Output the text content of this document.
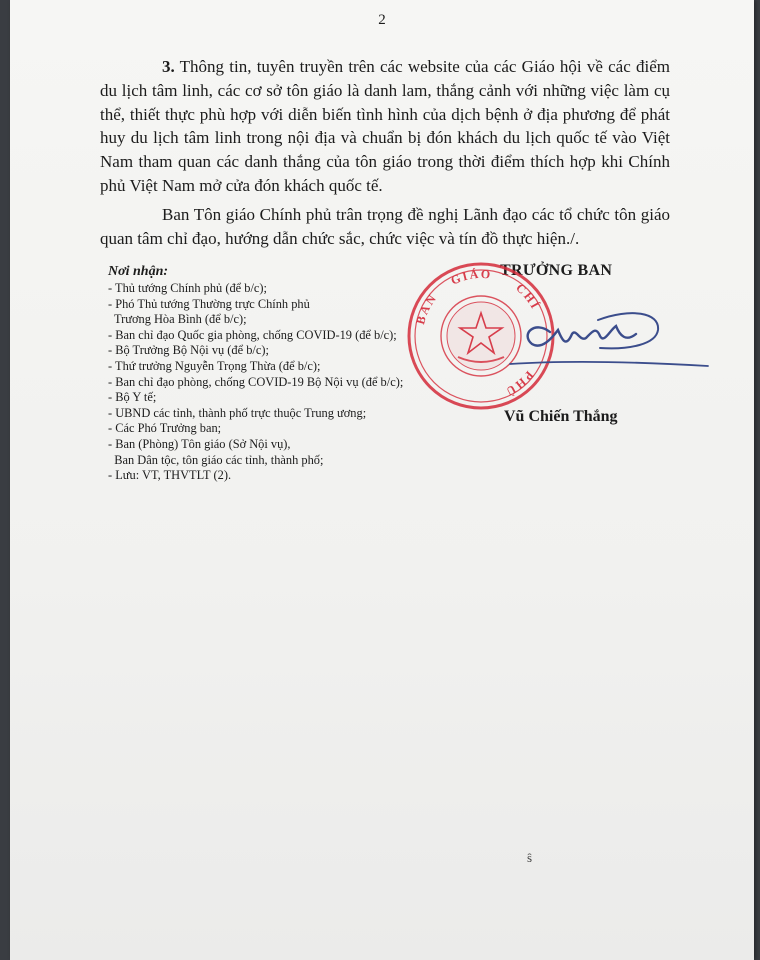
2

3. Thông tin, tuyên truyền trên các website của các Giáo hội về các điểm du lịch tâm linh, các cơ sở tôn giáo là danh lam, thắng cảnh với những việc làm cụ thể, thiết thực phù hợp với diễn biến tình hình của dịch bệnh ở địa phương để phát huy du lịch tâm linh trong nội địa và chuẩn bị đón khách du lịch quốc tế vào Việt Nam tham quan các danh thắng của tôn giáo trong thời điểm thích hợp khi Chính phủ Việt Nam mở cửa đón khách quốc tế.

Ban Tôn giáo Chính phủ trân trọng đề nghị Lãnh đạo các tổ chức tôn giáo quan tâm chỉ đạo, hướng dẫn chức sắc, chức việc và tín đồ thực hiện./.

Nơi nhận:
- Thủ tướng Chính phủ (để b/c);
- Phó Thủ tướng Thường trực Chính phủ
Trương Hòa Bình (để b/c);
- Ban chỉ đạo Quốc gia phòng, chống COVID-19 (để b/c);
- Bộ Trưởng Bộ Nội vụ (để b/c);
- Thứ trưởng Nguyễn Trọng Thừa (để b/c);
- Ban chỉ đạo phòng, chống COVID-19 Bộ Nội vụ (để b/c);
- Bộ Y tế;
- UBND các tỉnh, thành phố trực thuộc Trung ương;
- Các Phó Trưởng ban;
- Ban (Phòng) Tôn giáo (Sở Nội vụ),
Ban Dân tộc, tôn giáo các tỉnh, thành phố;
- Lưu: VT, THVTLT (2).
TRƯỞNG BAN
BAN
GIÁO
CHÍ
PHỦ
Vũ Chiến Thắng
ŝ
